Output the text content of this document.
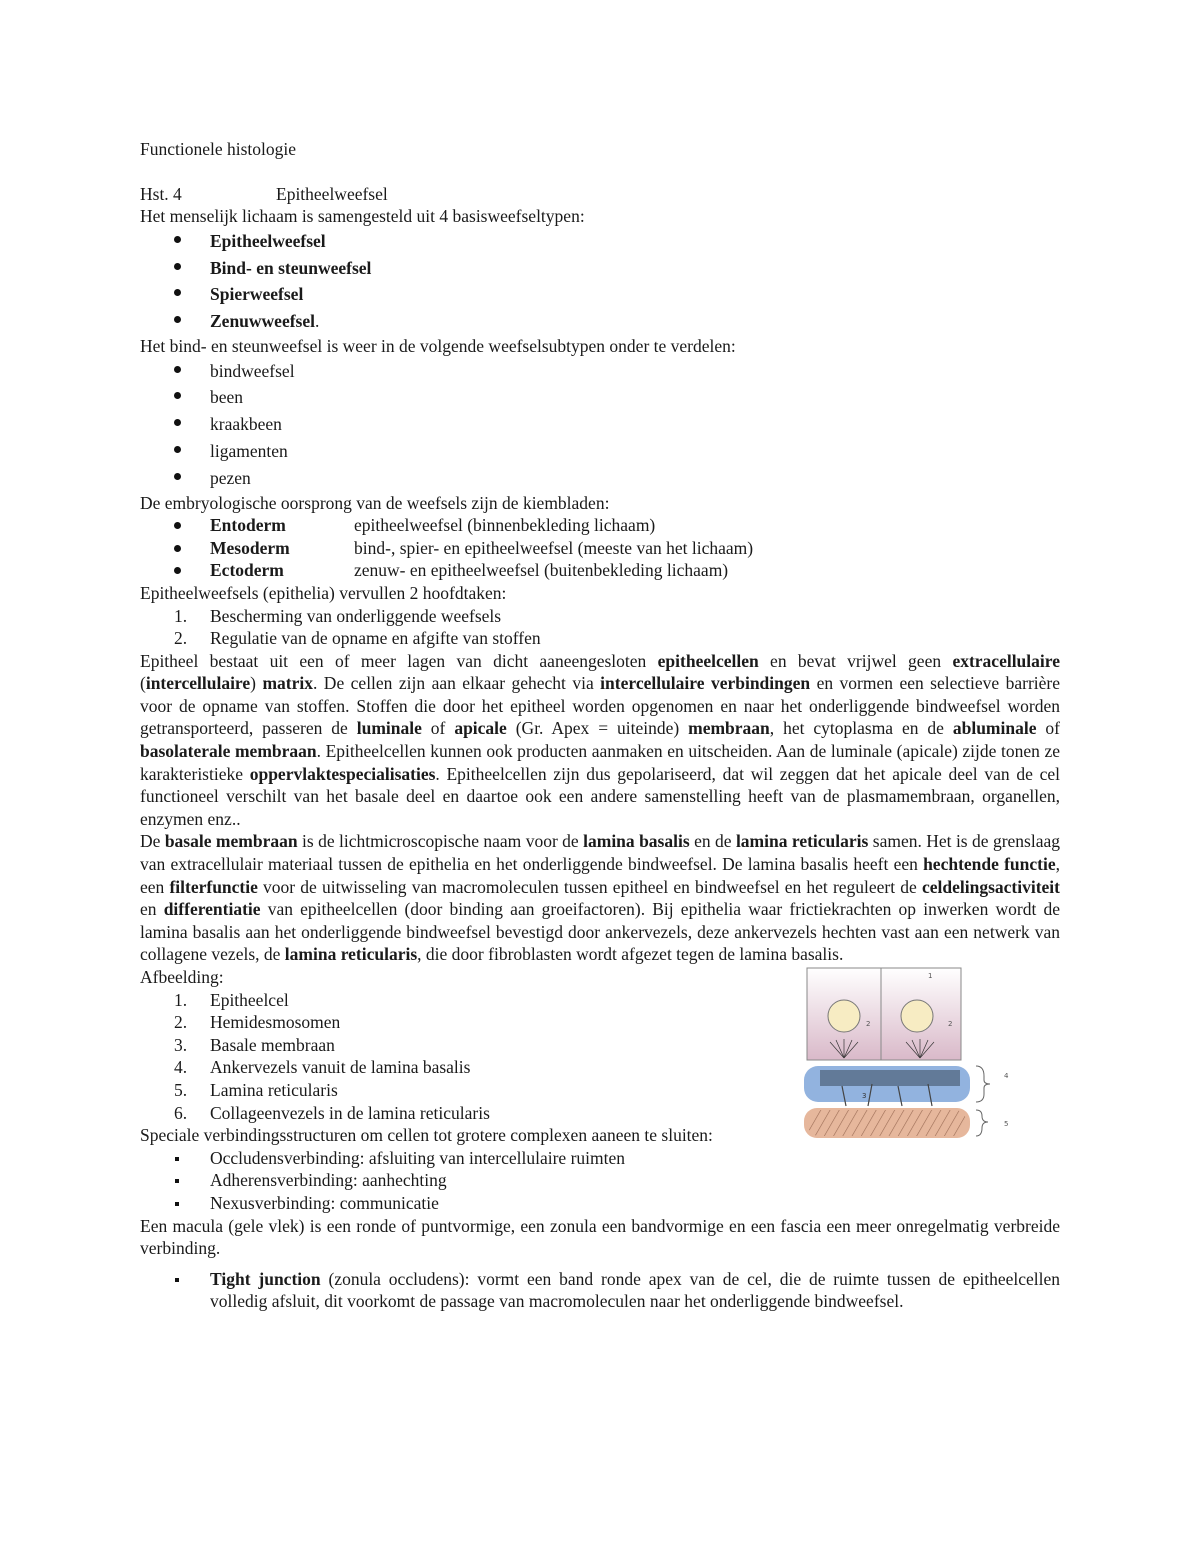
Functionele histologie

Hst. 4	Epitheelweefsel

Het menselijk lichaam is samengesteld uit 4 basisweefseltypen:

Epitheelweefsel
Bind- en steunweefsel
Spierweefsel
Zenuwweefsel.

Het bind- en steunweefsel is weer in de volgende weefselsubtypen onder te verdelen:

bindweefsel
been
kraakbeen
ligamenten
pezen

De embryologische oorsprong van de weefsels zijn de kiembladen:

Entoderm	epitheelweefsel (binnenbekleding lichaam)
Mesoderm	bind-, spier- en epitheelweefsel (meeste van het lichaam)
Ectoderm	zenuw- en epitheelweefsel (buitenbekleding lichaam)

Epitheelweefsels (epithelia) vervullen 2 hoofdtaken:

1.	Bescherming van onderliggende weefsels
2.	Regulatie van de opname en afgifte van stoffen

Epitheel bestaat uit een of meer lagen van dicht aaneengesloten epitheelcellen en bevat vrijwel geen extracellulaire (intercellulaire) matrix. De cellen zijn aan elkaar gehecht via intercellulaire verbindingen en vormen een selectieve barrière voor de opname van stoffen. Stoffen die door het epitheel worden opgenomen en naar het onderliggende bindweefsel worden getransporteerd, passeren de luminale of apicale (Gr. Apex = uiteinde) membraan, het cytoplasma en de abluminale of basolaterale membraan. Epitheelcellen kunnen ook producten aanmaken en uitscheiden. Aan de luminale (apicale) zijde tonen ze karakteristieke oppervlaktespecialisaties. Epitheelcellen zijn dus gepolariseerd, dat wil zeggen dat het apicale deel van de cel functioneel verschilt van het basale deel en daartoe ook een andere samenstelling heeft van de plasmamembraan, organellen, enzymen enz..

De basale membraan is de lichtmicroscopische naam voor de lamina basalis en de lamina reticularis samen. Het is de grenslaag van extracellulair materiaal tussen de epithelia en het onderliggende bindweefsel. De lamina basalis heeft een hechtende functie, een filterfunctie voor de uitwisseling van macromoleculen tussen epitheel en bindweefsel en het reguleert de celdelingsactiviteit en differentiatie van epitheelcellen (door binding aan groeifactoren). Bij epithelia waar frictiekrachten op inwerken wordt de lamina basalis aan het onderliggende bindweefsel bevestigd door ankervezels, deze ankervezels hechten vast aan een netwerk van collagene vezels, de lamina reticularis, die door fibroblasten wordt afgezet tegen de lamina basalis.

1
2	2
3
4
5

Afbeelding:

1.	Epitheelcel
2.	Hemidesmosomen
3.	Basale membraan
4.	Ankervezels vanuit de lamina basalis
5.	Lamina reticularis
6.	Collageenvezels in de lamina reticularis

Speciale verbindingsstructuren om cellen tot grotere complexen aaneen te sluiten:

Occludensverbinding: afsluiting van intercellulaire ruimten
Adherensverbinding: aanhechting
Nexusverbinding: communicatie

Een macula (gele vlek) is een ronde of puntvormige, een zonula een bandvormige en een fascia een meer onregelmatig verbreide verbinding.

Tight junction (zonula occludens): vormt een band ronde apex van de cel, die de ruimte tussen de epitheelcellen volledig afsluit, dit voorkomt de passage van macromoleculen naar het onderliggende bindweefsel.
